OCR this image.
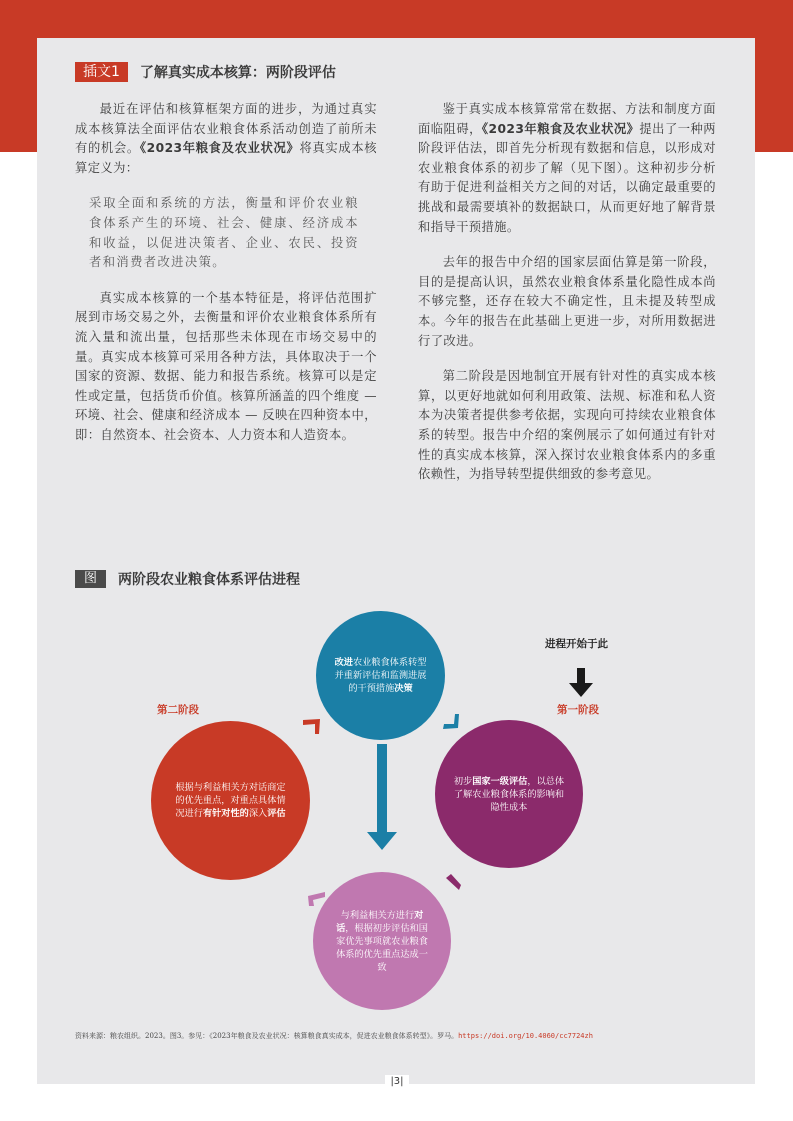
插文1	了解真实成本核算：两阶段评估

最近在评估和核算框架方面的进步，为通过真实成本核算法全面评估农业粮食体系活动创造了前所未有的机会。《2023年粮食及农业状况》将真实成本核算定义为：

采取全面和系统的方法，衡量和评价农业粮食体系产生的环境、社会、健康、经济成本和收益，以促进决策者、企业、农民、投资者和消费者改进决策。

真实成本核算的一个基本特征是，将评估范围扩展到市场交易之外，去衡量和评价农业粮食体系所有流入量和流出量，包括那些未体现在市场交易中的量。真实成本核算可采用各种方法，具体取决于一个国家的资源、数据、能力和报告系统。核算可以是定性或定量，包括货币价值。核算所涵盖的四个维度 — 环境、社会、健康和经济成本 — 反映在四种资本中，即：自然资本、社会资本、人力资本和人造资本。

鉴于真实成本核算常常在数据、方法和制度方面面临阻碍，《2023年粮食及农业状况》提出了一种两阶段评估法，即首先分析现有数据和信息，以形成对农业粮食体系的初步了解（见下图）。这种初步分析有助于促进利益相关方之间的对话，以确定最重要的挑战和最需要填补的数据缺口，从而更好地了解背景和指导干预措施。

去年的报告中介绍的国家层面估算是第一阶段，目的是提高认识，虽然农业粮食体系量化隐性成本尚不够完整，还存在较大不确定性，且未提及转型成本。今年的报告在此基础上更进一步，对所用数据进行了改进。

第二阶段是因地制宜开展有针对性的真实成本核算，以更好地就如何利用政策、法规、标准和私人资本为决策者提供参考依据，实现向可持续农业粮食体系的转型。报告中介绍的案例展示了如何通过有针对性的真实成本核算，深入探讨农业粮食体系内的多重依赖性，为指导转型提供细致的参考意见。

图	两阶段农业粮食体系评估进程
改进农业粮食体系转型并重新评估和监测进展的干预措施决策
初步国家一级评估，以总体了解农业粮食体系的影响和隐性成本
根据与利益相关方对话商定的优先重点，对重点具体情况进行有针对性的深入评估
与利益相关方进行对话，根据初步评估和国家优先事项就农业粮食体系的优先重点达成一致
进程开始于此
第一阶段
第二阶段
资料来源：粮农组织。2023。图3。参见：《2023年粮食及农业状况：核算粮食真实成本，促进农业粮食体系转型》。罗马。https://doi.org/10.4060/cc7724zh
|3|
